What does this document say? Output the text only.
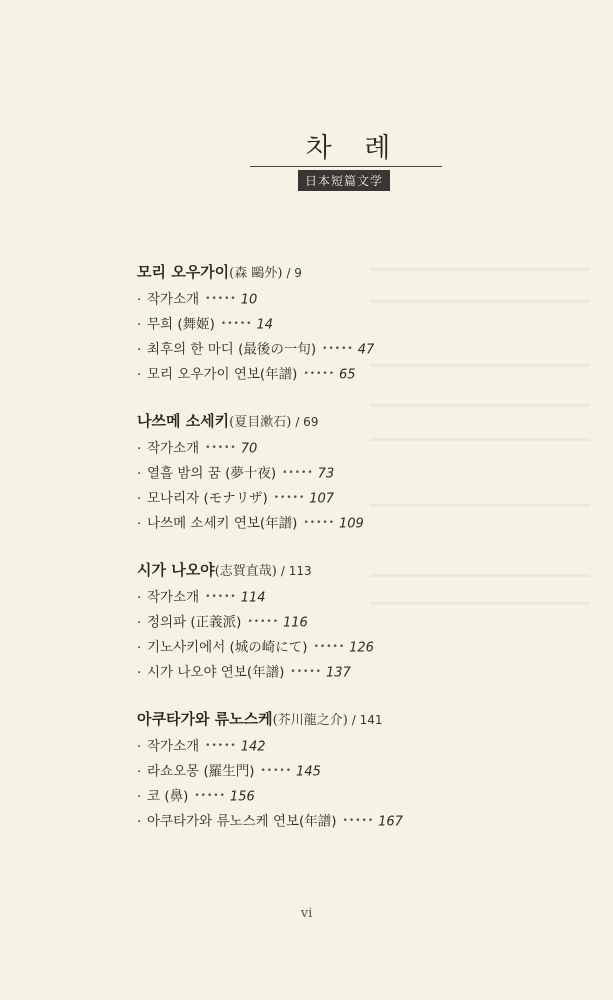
차 례
日本短篇文学
모리 오우가이(森 鷗外) / 9
· 작가소개 ••••• 10
· 무희 (舞姬) ••••• 14
· 최후의 한 마디 (最後の一句) ••••• 47
· 모리 오우가이 연보(年譜) ••••• 65
나쓰메 소세키(夏目漱石) / 69
· 작가소개 ••••• 70
· 열흘 밤의 꿈 (夢十夜) ••••• 73
· 모나리자 (モナリザ) ••••• 107
· 나쓰메 소세키 연보(年譜) ••••• 109
시가 나오야(志賀直哉) / 113
· 작가소개 ••••• 114
· 정의파 (正義派) ••••• 116
· 기노사키에서 (城の崎にて) ••••• 126
· 시가 나오야 연보(年譜) ••••• 137
아쿠타가와 류노스케(芥川龍之介) / 141
· 작가소개 ••••• 142
· 라쇼오몽 (羅生門) ••••• 145
· 코 (鼻) ••••• 156
· 아쿠타가와 류노스케 연보(年譜) ••••• 167
vi
